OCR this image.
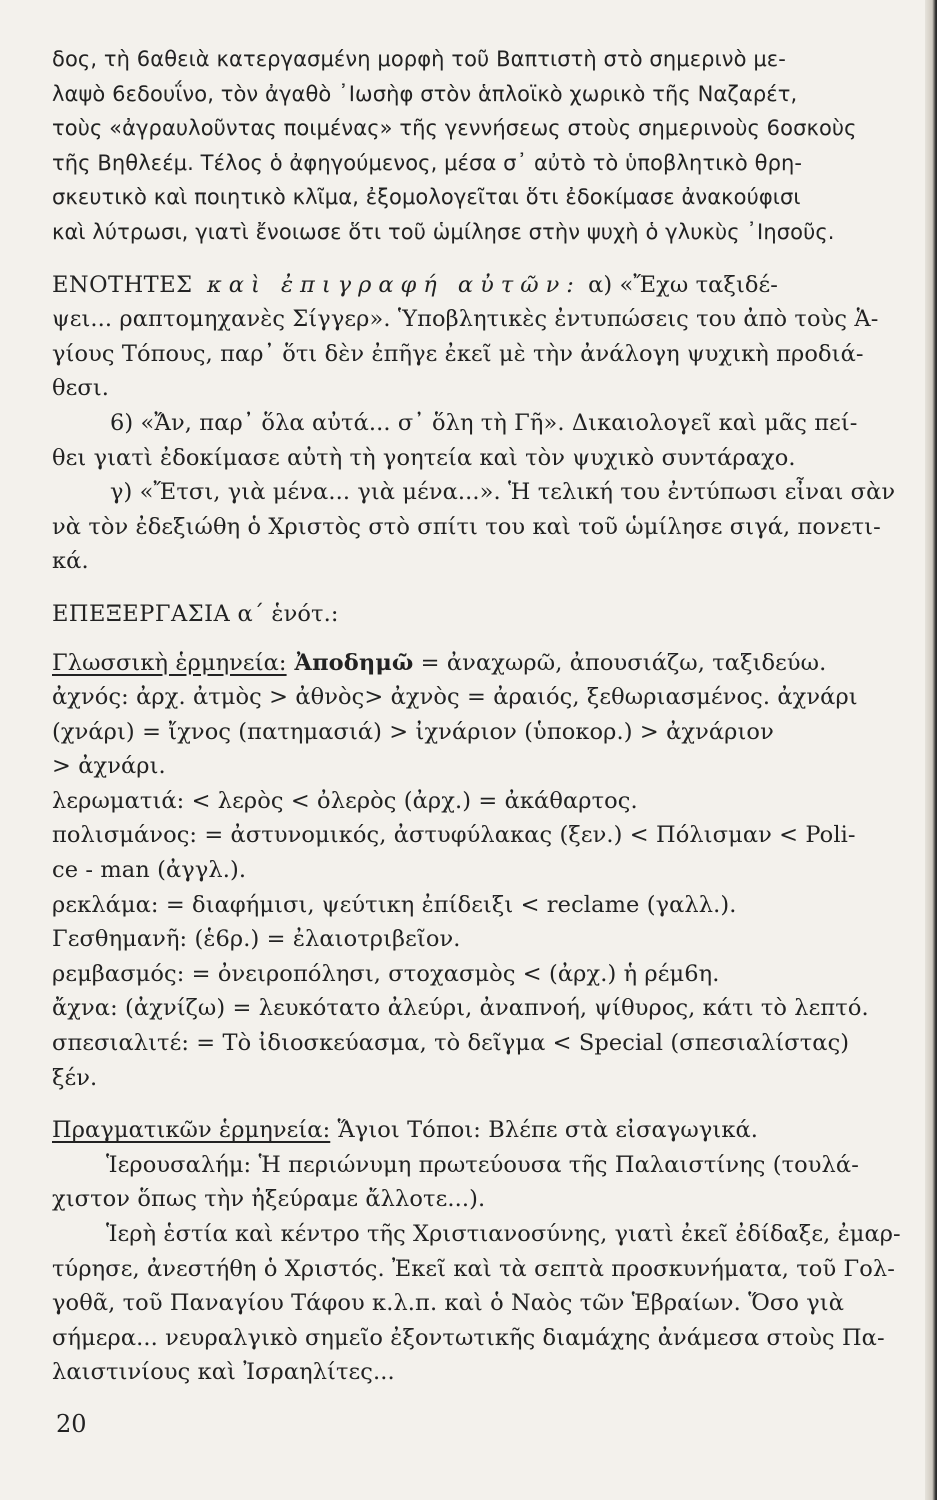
δος, τὴ 6αθειὰ κατεργασμένη μορφὴ τοῦ Βαπτιστὴ στὸ σημερινὸ με-
λαψὸ 6εδουΐνο, τὸν ἀγαθὸ ᾿Ιωσὴφ στὸν ἁπλοϊκὸ χωρικὸ τῆς Ναζαρέτ,
τοὺς «ἀγραυλοῦντας ποιμένας» τῆς γεννήσεως στοὺς σημερινοὺς 6οσκοὺς
τῆς Βηθλεέμ. Τέλος ὁ ἀφηγούμενος, μέσα σ᾿ αὐτὸ τὸ ὑποβλητικὸ θρη-
σκευτικὸ καὶ ποιητικὸ κλῖμα, ἐξομολογεῖται ὅτι ἐδοκίμασε ἀνακούφισι
καὶ λύτρωσι, γιατὶ ἔνοιωσε ὅτι τοῦ ὡμίλησε στὴν ψυχὴ ὁ γλυκὺς ᾿Ιησοῦς.

ΕΝΟΤΗΤΕΣ καὶ ἐπιγραφή αὐτῶν: α) «Ἔχω ταξιδέ-
ψει... ραπτομηχανὲς Σίγγερ». Ὑποβλητικὲς ἐντυπώσεις του ἀπὸ τοὺς Ἁ-
γίους Τόπους, παρ᾿ ὅτι δὲν ἐπῆγε ἐκεῖ μὲ τὴν ἀνάλογη ψυχικὴ προδιά-
θεσι.

6) «Ἄν, παρ᾿ ὅλα αὐτά... σ᾿ ὅλη τὴ Γῆ». Δικαιολογεῖ καὶ μᾶς πεί-
θει γιατὶ ἐδοκίμασε αὐτὴ τὴ γοητεία καὶ τὸν ψυχικὸ συντάραχο.

γ) «Ἔτσι, γιὰ μένα... γιὰ μένα...». Ἡ τελική του ἐντύπωσι εἶναι σὰν
νὰ τὸν ἐδεξιώθη ὁ Χριστὸς στὸ σπίτι του καὶ τοῦ ὡμίλησε σιγά, πονετι-
κά.

ΕΠΕΞΕΡΓΑΣΙΑ α΄ ἑνότ.:

Γλωσσικὴ ἑρμηνεία: Ἀποδημῶ = ἀναχωρῶ, ἀπουσιάζω, ταξιδεύω.
ἀχνός: ἀρχ. ἀτμὸς > ἀθνὸς> ἀχνὸς = ἀραιός, ξεθωριασμένος. ἀχνάρι
(χνάρι) = ἴχνος (πατημασιά) > ἰχνάριον (ὑποκορ.) > ἀχνάριον
> ἀχνάρι.
λερωματιά: < λερὸς < ὀλερὸς (ἀρχ.) = ἀκάθαρτος.
πολισμάνος: = ἀστυνομικός, ἀστυφύλακας (ξεν.) < Πόλισμαν < Poli-
ce - man (ἀγγλ.).
ρεκλάμα: = διαφήμισι, ψεύτικη ἐπίδειξι < reclame (γαλλ.).
Γεσθημανῆ: (ἑ6ρ.) = ἐλαιοτριβεῖον.
ρεμβασμός: = ὀνειροπόλησι, στοχασμὸς < (ἀρχ.) ἡ ρέμ6η.
ἄχνα: (ἀχνίζω) = λευκότατο ἀλεύρι, ἀναπνοή, ψίθυρος, κάτι τὸ λεπτό.
σπεσιαλιτέ: = Τὸ ἰδιοσκεύασμα, τὸ δεῖγμα < Special (σπεσιαλίστας)
ξέν.

Πραγματικῶν ἑρμηνεία: Ἅγιοι Τόποι: Βλέπε στὰ εἰσαγωγικά.
Ἱερουσαλήμ: Ἡ περιώνυμη πρωτεύουσα τῆς Παλαιστίνης (τουλά-
χιστον ὅπως τὴν ἠξεύραμε ἄλλοτε...).
Ἱερὴ ἑστία καὶ κέντρο τῆς Χριστιανοσύνης, γιατὶ ἐκεῖ ἐδίδαξε, ἐμαρ-
τύρησε, ἀνεστήθη ὁ Χριστός. Ἐκεῖ καὶ τὰ σεπτὰ προσκυνήματα, τοῦ Γολ-
γοθᾶ, τοῦ Παναγίου Τάφου κ.λ.π. καὶ ὁ Ναὸς τῶν Ἑβραίων. Ὅσο γιὰ
σήμερα... νευραλγικὸ σημεῖο ἐξοντωτικῆς διαμάχης ἀνάμεσα στοὺς Πα-
λαιστινίους καὶ Ἰσραηλίτες...

20
